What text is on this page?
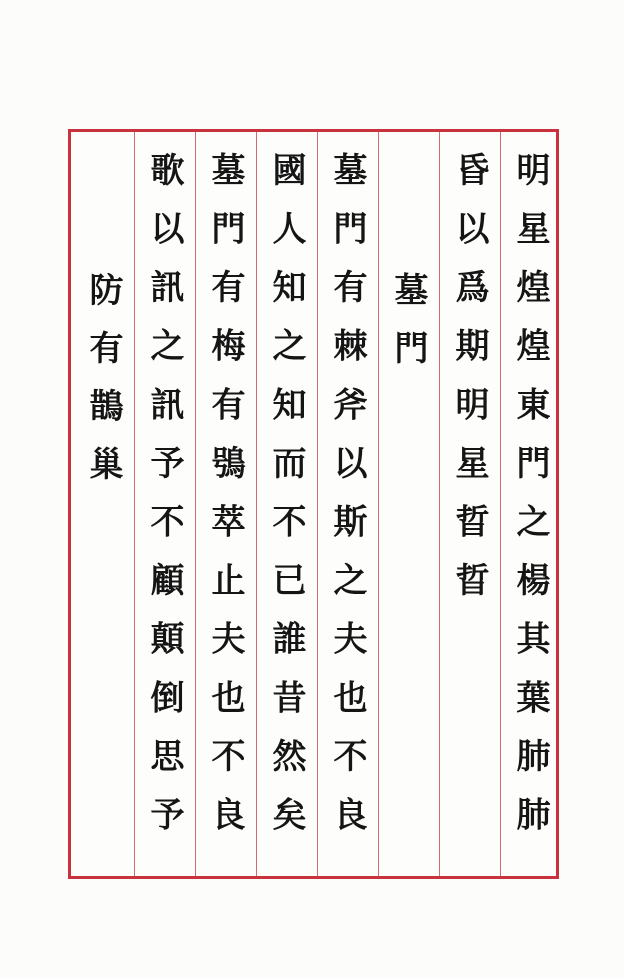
明星煌煌東門之楊其葉肺肺
昏以爲期明星晢晢
墓門
墓門有棘斧以斯之夫也不良
國人知之知而不已誰昔然矣
墓門有梅有鴞萃止夫也不良
歌以訊之訊予不顧顛倒思予
防有鵲巢
